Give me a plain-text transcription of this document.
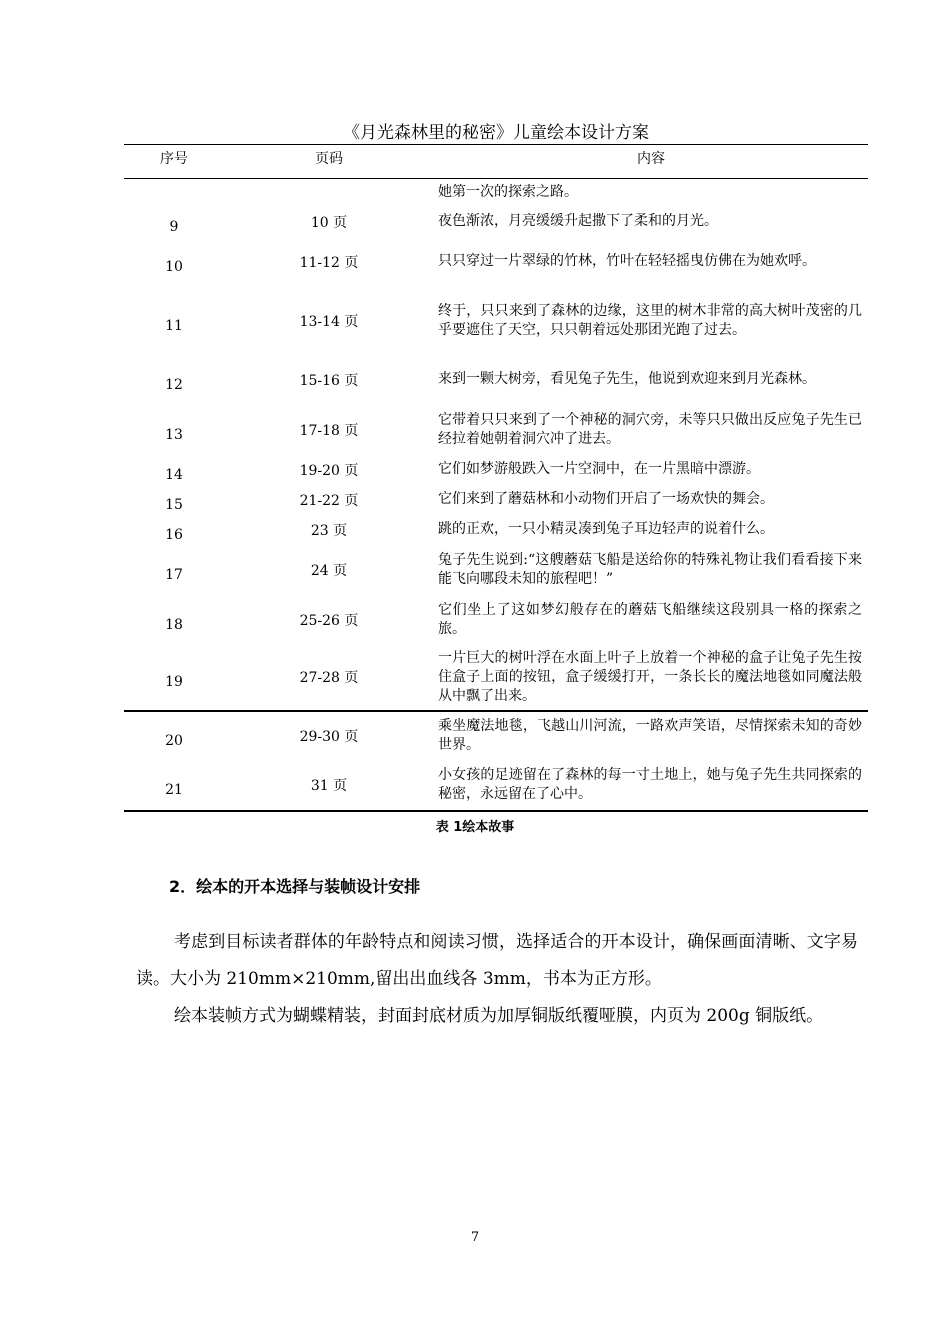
《月光森林里的秘密》儿童绘本设计方案
序号	页码	内容
		她第一次的探索之路。
9	10 页	夜色渐浓，月亮缓缓升起撒下了柔和的月光。
10	11-12 页	只只穿过一片翠绿的竹林，竹叶在轻轻摇曳仿佛在为她欢呼。
11	13-14 页	终于，只只来到了森林的边缘，这里的树木非常的高大树叶茂密的几乎要遮住了天空，只只朝着远处那团光跑了过去。
12	15-16 页	来到一颗大树旁，看见兔子先生，他说到欢迎来到月光森林。
13	17-18 页	它带着只只来到了一个神秘的洞穴旁，未等只只做出反应兔子先生已经拉着她朝着洞穴冲了进去。
14	19-20 页	它们如梦游般跌入一片空洞中，在一片黑暗中漂游。
15	21-22 页	它们来到了蘑菇林和小动物们开启了一场欢快的舞会。
16	23 页	跳的正欢，一只小精灵凑到兔子耳边轻声的说着什么。
17	24 页	兔子先生说到:“这艘蘑菇飞船是送给你的特殊礼物让我们看看接下来能飞向哪段未知的旅程吧！”
18	25-26 页	它们坐上了这如梦幻般存在的蘑菇飞船继续这段别具一格的探索之旅。
19	27-28 页	一片巨大的树叶浮在水面上叶子上放着一个神秘的盒子让兔子先生按住盒子上面的按钮，盒子缓缓打开，一条长长的魔法地毯如同魔法般从中飘了出来。
20	29-30 页	乘坐魔法地毯，飞越山川河流，一路欢声笑语，尽情探索未知的奇妙世界。
21	31 页	小女孩的足迹留在了森林的每一寸土地上，她与兔子先生共同探索的秘密，永远留在了心中。
表 1绘本故事
2．绘本的开本选择与装帧设计安排

考虑到目标读者群体的年龄特点和阅读习惯，选择适合的开本设计，确保画面清晰、文字易读。大小为 210mm×210mm,留出出血线各 3mm，书本为正方形。

绘本装帧方式为蝴蝶精装，封面封底材质为加厚铜版纸覆哑膜，内页为 200g 铜版纸。

7
